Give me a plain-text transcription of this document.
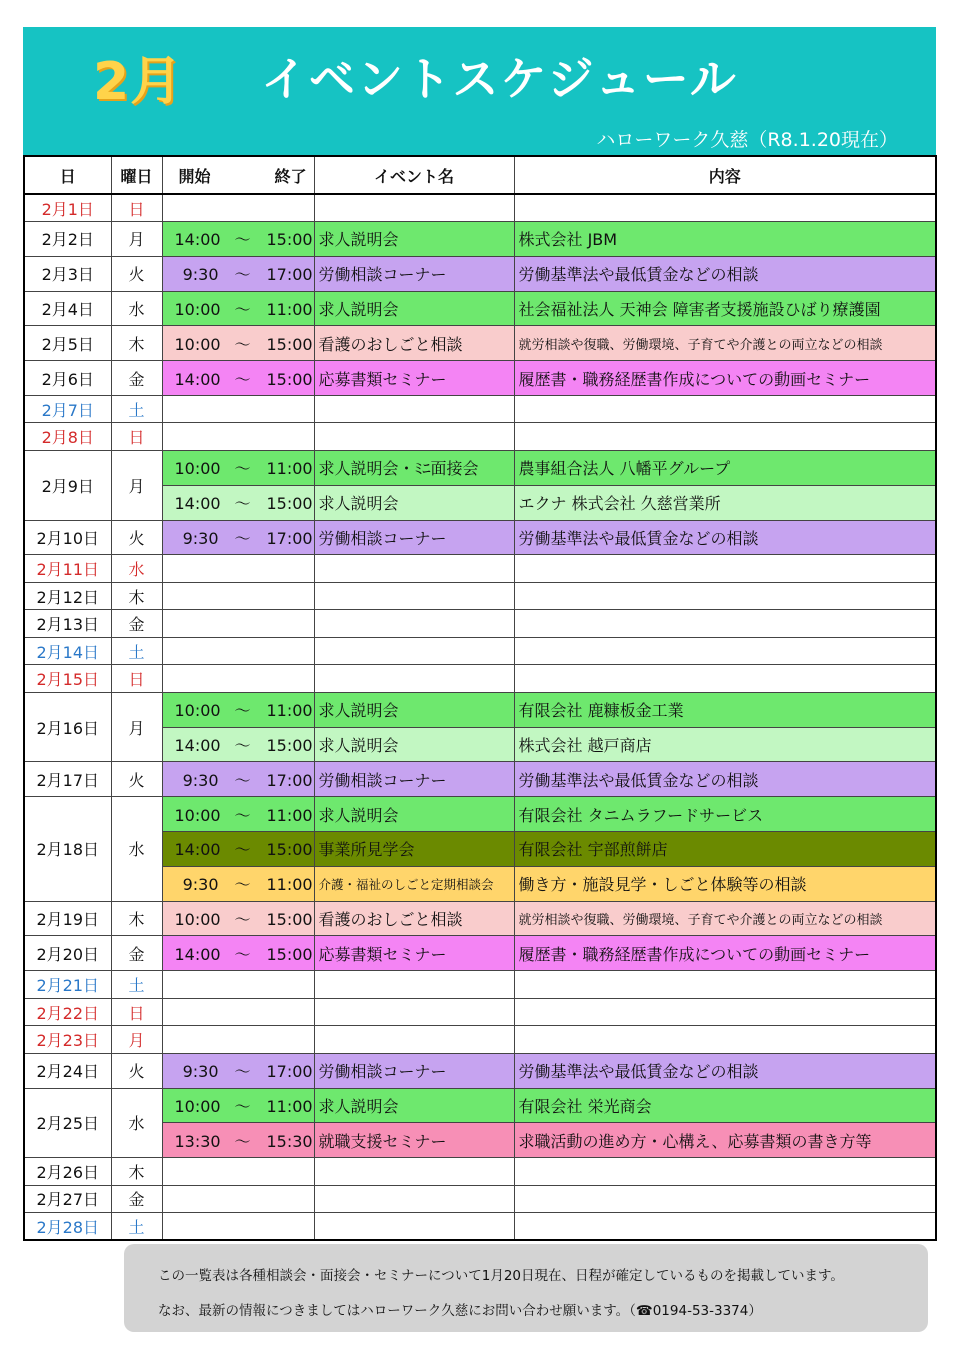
2月 イベントスケジュール
ハローワーク久慈（R8.1.20現在）
日	曜日	開始 終了	イベント名	内容
2月1日	日			
2月2日	月	14:00 ～ 15:00	求人説明会	株式会社 JBM
2月3日	火	9:30 ～ 17:00	労働相談コーナー	労働基準法や最低賃金などの相談
2月4日	水	10:00 ～ 11:00	求人説明会	社会福祉法人 天神会 障害者支援施設ひばり療護園
2月5日	木	10:00 ～ 15:00	看護のおしごと相談	就労相談や復職、労働環境、子育てや介護との両立などの相談
2月6日	金	14:00 ～ 15:00	応募書類セミナー	履歴書・職務経歴書作成についての動画セミナー
2月7日	土			
2月8日	日			
2月9日	月	10:00 ～ 11:00	求人説明会・ﾐﾆ面接会	農事組合法人 八幡平グループ
		14:00 ～ 15:00	求人説明会	エクナ 株式会社 久慈営業所
2月10日	火	9:30 ～ 17:00	労働相談コーナー	労働基準法や最低賃金などの相談
2月11日	水			
2月12日	木			
2月13日	金			
2月14日	土			
2月15日	日			
2月16日	月	10:00 ～ 11:00	求人説明会	有限会社 鹿糠板金工業
		14:00 ～ 15:00	求人説明会	株式会社 越戸商店
2月17日	火	9:30 ～ 17:00	労働相談コーナー	労働基準法や最低賃金などの相談
2月18日	水	10:00 ～ 11:00	求人説明会	有限会社 タニムラフードサービス
		14:00 ～ 15:00	事業所見学会	有限会社 宇部煎餅店
		9:30 ～ 11:00	介護・福祉のしごと定期相談会	働き方・施設見学・しごと体験等の相談
2月19日	木	10:00 ～ 15:00	看護のおしごと相談	就労相談や復職、労働環境、子育てや介護との両立などの相談
2月20日	金	14:00 ～ 15:00	応募書類セミナー	履歴書・職務経歴書作成についての動画セミナー
2月21日	土			
2月22日	日			
2月23日	月			
2月24日	火	9:30 ～ 17:00	労働相談コーナー	労働基準法や最低賃金などの相談
2月25日	水	10:00 ～ 11:00	求人説明会	有限会社 栄光商会
		13:30 ～ 15:30	就職支援セミナー	求職活動の進め方・心構え、応募書類の書き方等
2月26日	木			
2月27日	金			
2月28日	土			

この一覧表は各種相談会・面接会・セミナーについて1月20日現在、日程が確定しているものを掲載しています。

なお、最新の情報につきましてはハローワーク久慈にお問い合わせ願います。（☎0194-53-3374）
